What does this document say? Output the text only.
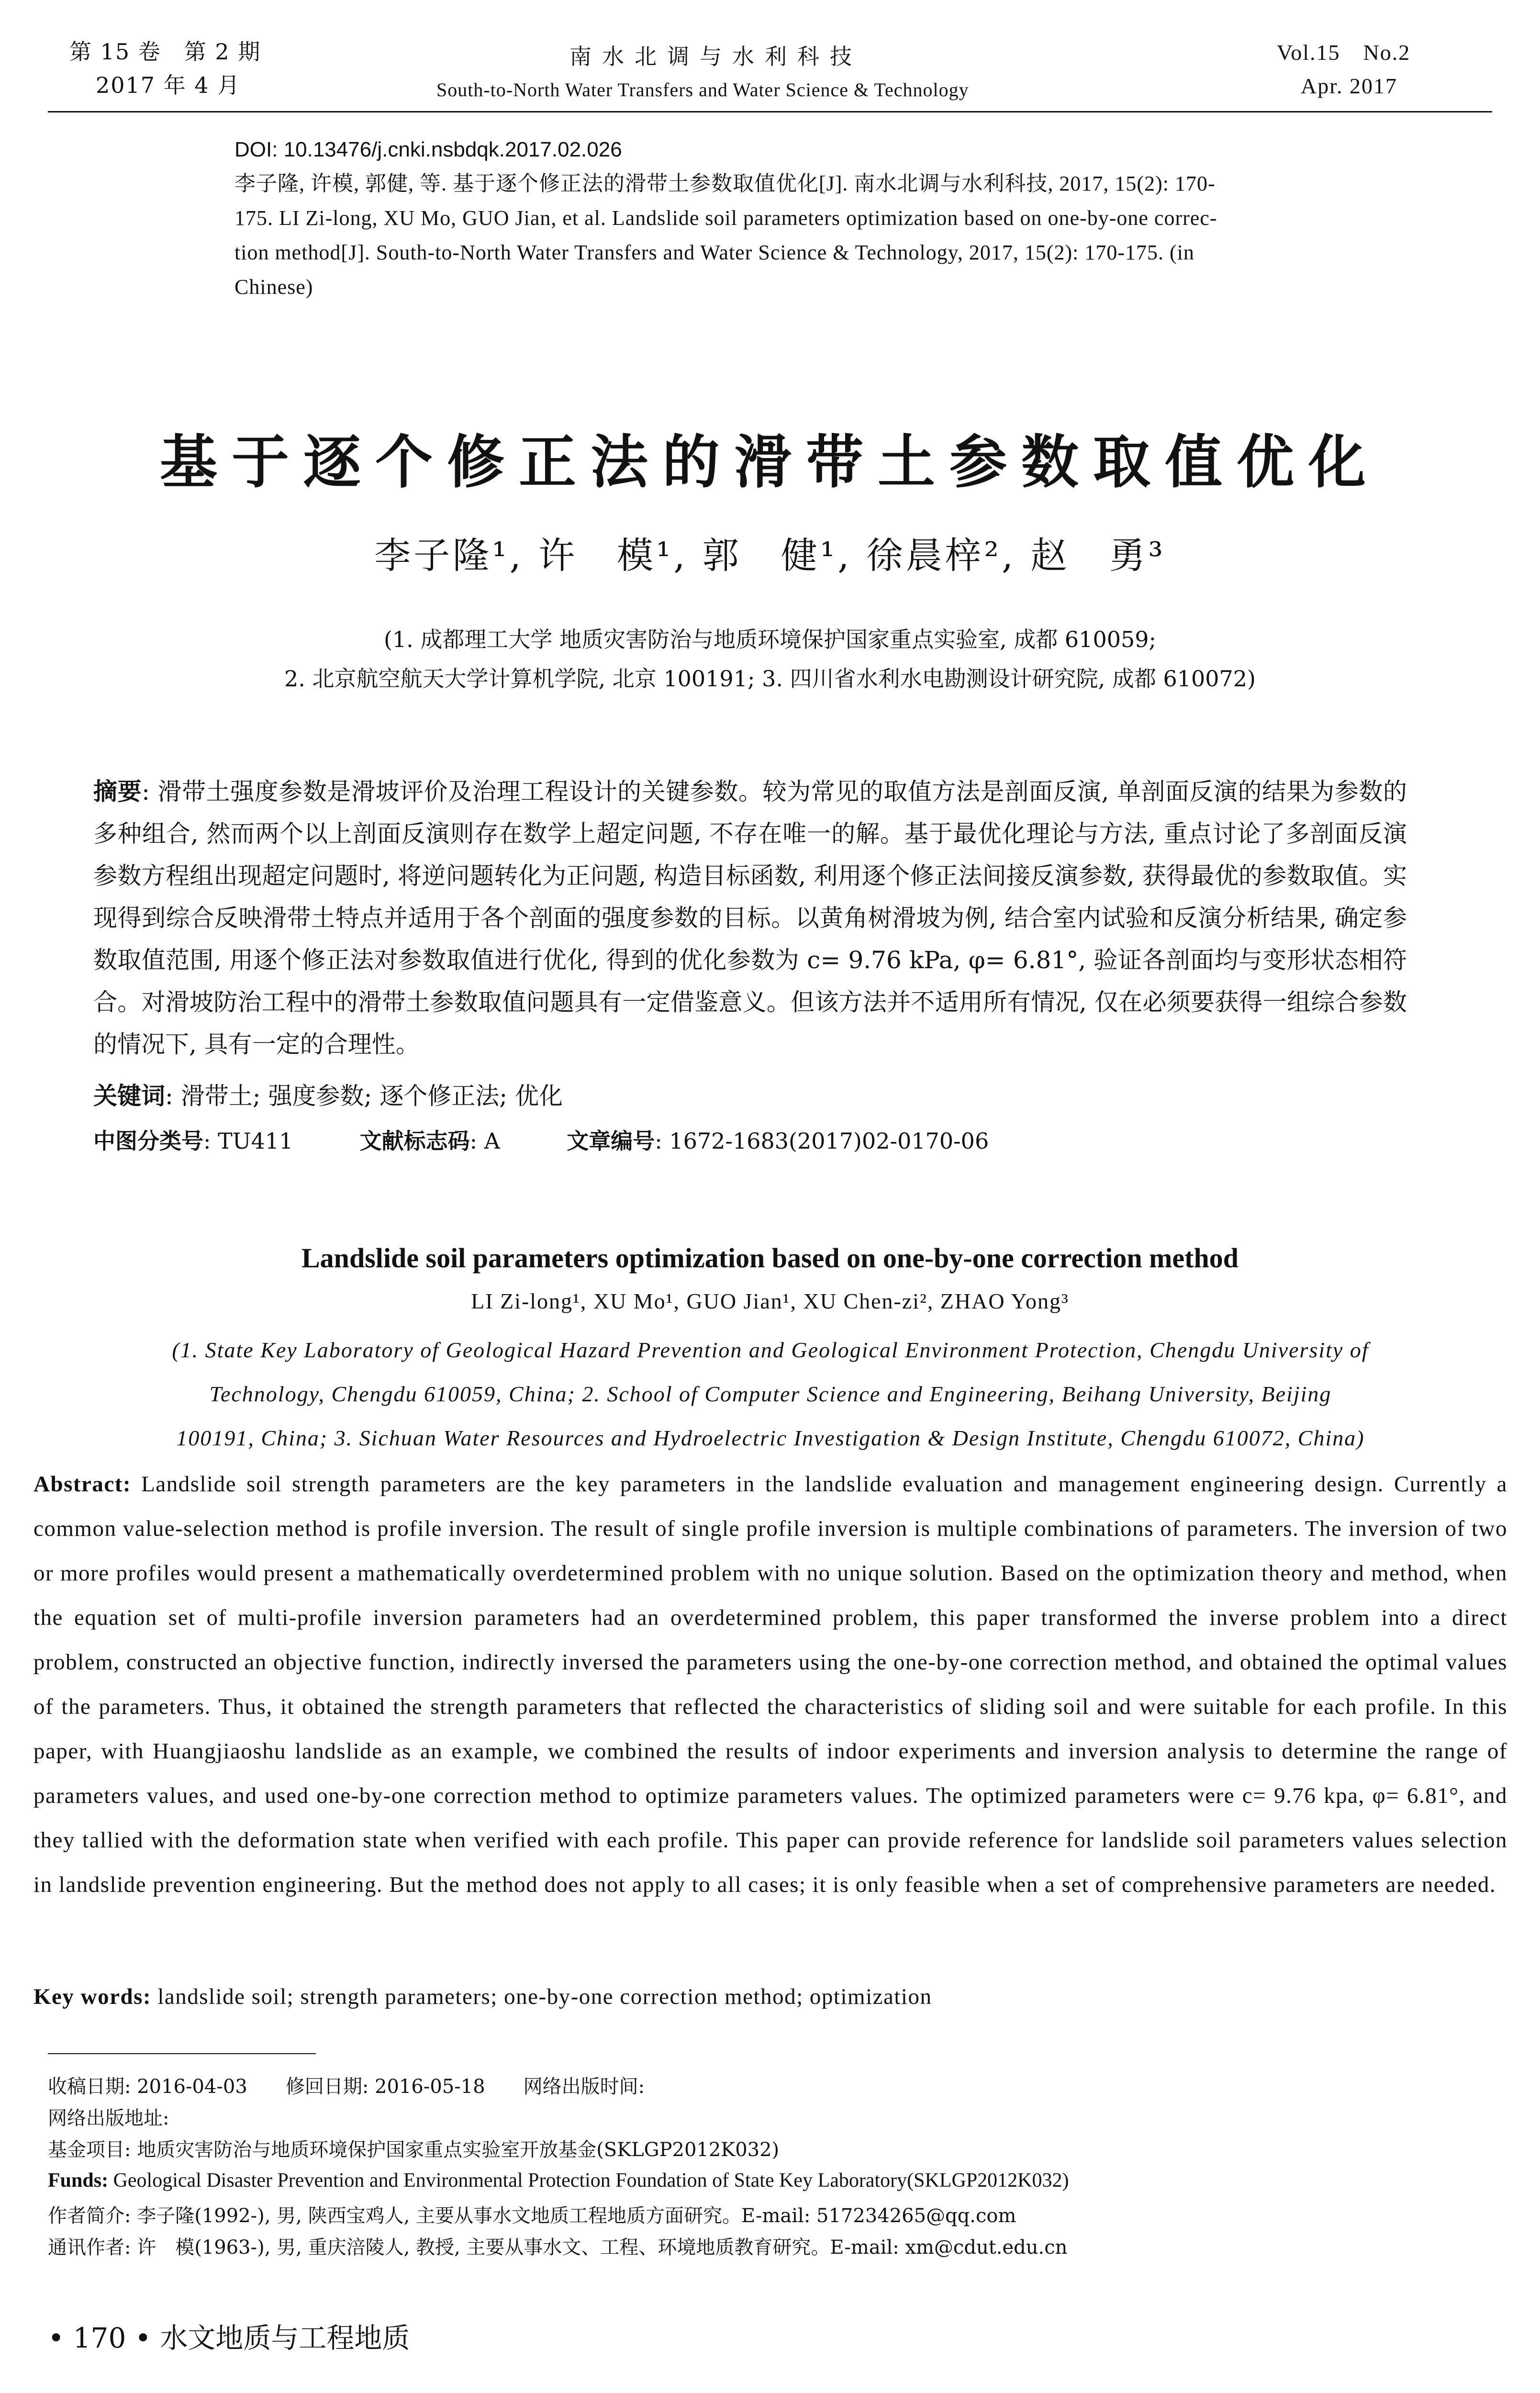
第 15 卷　第 2 期
2017 年 4 月
南水北调与水利科技
South-to-North Water Transfers and Water Science & Technology
Vol.15　No.2
Apr. 2017
DOI: 10.13476/j.cnki.nsbdqk.2017.02.026
李子隆, 许模, 郭健, 等. 基于逐个修正法的滑带土参数取值优化[J]. 南水北调与水利科技, 2017, 15(2): 170-
175. LI Zi-long, XU Mo, GUO Jian, et al. Landslide soil parameters optimization based on one-by-one correc-
tion method[J]. South-to-North Water Transfers and Water Science & Technology, 2017, 15(2): 170-175. (in
Chinese)
基于逐个修正法的滑带土参数取值优化
李子隆¹, 许　模¹, 郭　健¹, 徐晨梓², 赵　勇³
(1. 成都理工大学 地质灾害防治与地质环境保护国家重点实验室, 成都 610059;
2. 北京航空航天大学计算机学院, 北京 100191; 3. 四川省水利水电勘测设计研究院, 成都 610072)
摘要: 滑带土强度参数是滑坡评价及治理工程设计的关键参数。较为常见的取值方法是剖面反演, 单剖面反演的结果为参数的多种组合, 然而两个以上剖面反演则存在数学上超定问题, 不存在唯一的解。基于最优化理论与方法, 重点讨论了多剖面反演参数方程组出现超定问题时, 将逆问题转化为正问题, 构造目标函数, 利用逐个修正法间接反演参数, 获得最优的参数取值。实现得到综合反映滑带土特点并适用于各个剖面的强度参数的目标。以黄角树滑坡为例, 结合室内试验和反演分析结果, 确定参数取值范围, 用逐个修正法对参数取值进行优化, 得到的优化参数为 c= 9.76 kPa, φ= 6.81°, 验证各剖面均与变形状态相符合。对滑坡防治工程中的滑带土参数取值问题具有一定借鉴意义。但该方法并不适用所有情况, 仅在必须要获得一组综合参数的情况下, 具有一定的合理性。
关键词: 滑带土; 强度参数; 逐个修正法; 优化
中图分类号: TU411	文献标志码: A	文章编号: 1672-1683(2017)02-0170-06
Landslide soil parameters optimization based on one-by-one correction method
LI Zi-long¹, XU Mo¹, GUO Jian¹, XU Chen-zi², ZHAO Yong³
(1. State Key Laboratory of Geological Hazard Prevention and Geological Environment Protection, Chengdu University of
Technology, Chengdu 610059, China; 2. School of Computer Science and Engineering, Beihang University, Beijing
100191, China; 3. Sichuan Water Resources and Hydroelectric Investigation & Design Institute, Chengdu 610072, China)
Abstract: Landslide soil strength parameters are the key parameters in the landslide evaluation and management engineering design. Currently a common value-selection method is profile inversion. The result of single profile inversion is multiple combinations of parameters. The inversion of two or more profiles would present a mathematically overdetermined problem with no unique solution. Based on the optimization theory and method, when the equation set of multi-profile inversion parameters had an overdetermined problem, this paper transformed the inverse problem into a direct problem, constructed an objective function, indirectly inversed the parameters using the one-by-one correction method, and obtained the optimal values of the parameters. Thus, it obtained the strength parameters that reflected the characteristics of sliding soil and were suitable for each profile. In this paper, with Huangjiaoshu landslide as an example, we combined the results of indoor experiments and inversion analysis to determine the range of parameters values, and used one-by-one correction method to optimize parameters values. The optimized parameters were c= 9.76 kpa, φ= 6.81°, and they tallied with the deformation state when verified with each profile. This paper can provide reference for landslide soil parameters values selection in landslide prevention engineering. But the method does not apply to all cases; it is only feasible when a set of comprehensive parameters are needed.
Key words: landslide soil; strength parameters; one-by-one correction method; optimization
收稿日期: 2016-04-03　　修回日期: 2016-05-18　　网络出版时间:
网络出版地址:
基金项目: 地质灾害防治与地质环境保护国家重点实验室开放基金(SKLGP2012K032)
Funds: Geological Disaster Prevention and Environmental Protection Foundation of State Key Laboratory(SKLGP2012K032)
作者简介: 李子隆(1992-), 男, 陕西宝鸡人, 主要从事水文地质工程地质方面研究。E-mail: 517234265@qq.com
通讯作者: 许　模(1963-), 男, 重庆涪陵人, 教授, 主要从事水文、工程、环境地质教育研究。E-mail: xm@cdut.edu.cn
• 170 • 水文地质与工程地质
